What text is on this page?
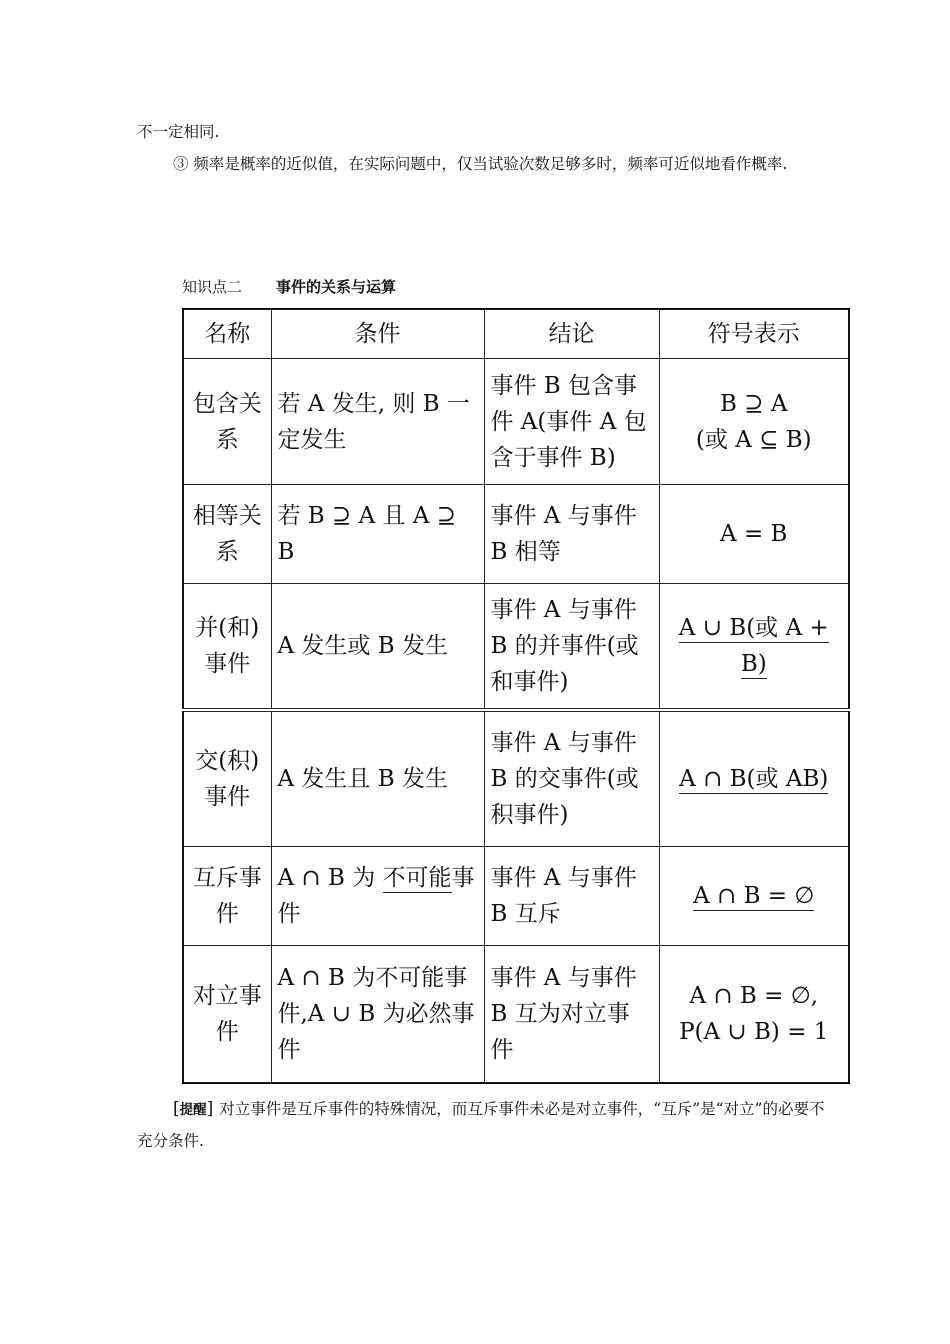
不一定相同.
③ 频率是概率的近似值，在实际问题中，仅当试验次数足够多时，频率可近似地看作概率.
知识点二 事件的关系与运算
名称	条件	结论	符号表示
包含关系	若 A 发生, 则 B 一定发生	事件 B 包含事件 A(事件 A 包含于事件 B)	B ⊇ A
(或 A ⊆ B)

相等关系	若 B ⊇ A 且 A ⊇ B	事件 A 与事件 B 相等	A = B
并(和)事件	A 发生或 B 发生	事件 A 与事件 B 的并事件(或和事件)	A ∪ B(或 A + B)
交(积)事件	A 发生且 B 发生	事件 A 与事件 B 的交事件(或积事件)	A ∩ B(或 AB)
互斥事件	A ∩ B 为 不可能事件	事件 A 与事件 B 互斥	A ∩ B = ∅
对立事件	A ∩ B 为不可能事件,A ∪ B 为必然事件	事件 A 与事件 B 互为对立事件	A ∩ B = ∅,
P(A ∪ B) = 1
[提醒] 对立事件是互斥事件的特殊情况，而互斥事件未必是对立事件，“互斥”是“对立”的必要不充分条件.
